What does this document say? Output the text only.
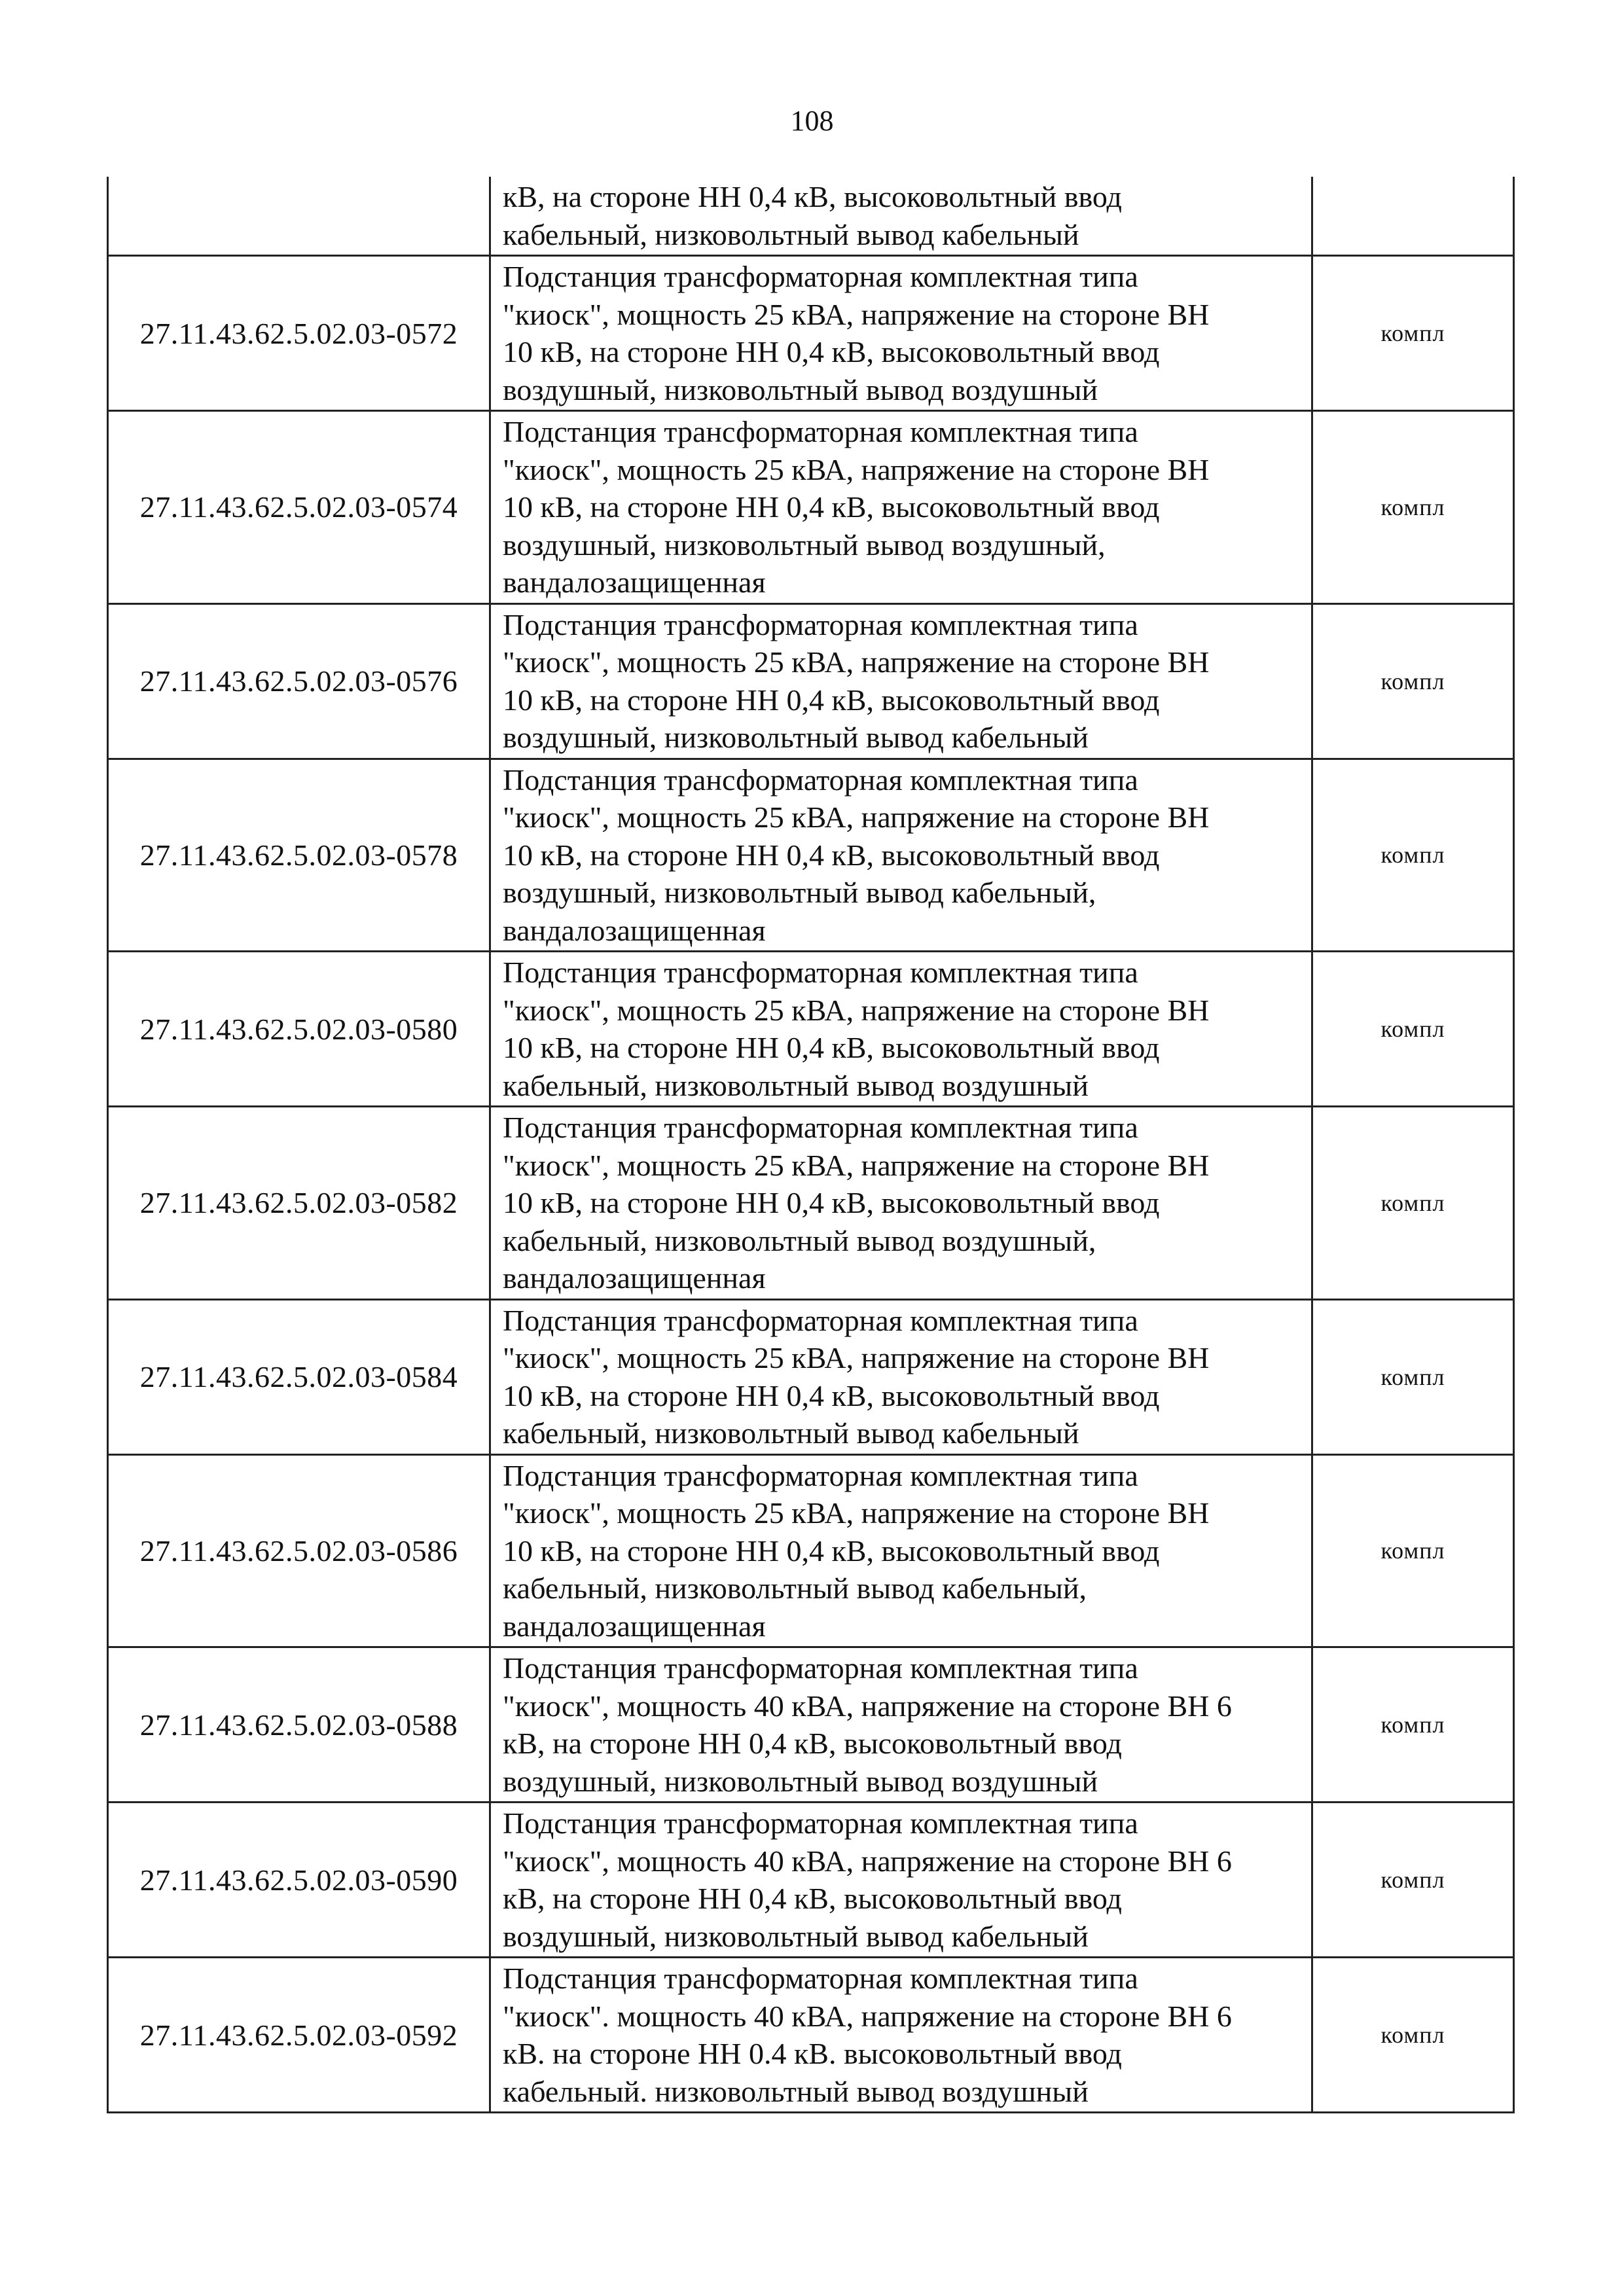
108

	кВ, на стороне НН 0,4 кВ, высоковольтный ввод
кабельный, низковольтный вывод кабельный	

27.11.43.62.5.02.03-0572	Подстанция трансформаторная комплектная типа
"киоск", мощность 25 кВА, напряжение на стороне ВН
10 кВ, на стороне НН 0,4 кВ, высоковольтный ввод
воздушный, низковольтный вывод воздушный	компл
27.11.43.62.5.02.03-0574	Подстанция трансформаторная комплектная типа
"киоск", мощность 25 кВА, напряжение на стороне ВН
10 кВ, на стороне НН 0,4 кВ, высоковольтный ввод
воздушный, низковольтный вывод воздушный,
вандалозащищенная	компл
27.11.43.62.5.02.03-0576	Подстанция трансформаторная комплектная типа
"киоск", мощность 25 кВА, напряжение на стороне ВН
10 кВ, на стороне НН 0,4 кВ, высоковольтный ввод
воздушный, низковольтный вывод кабельный	компл
27.11.43.62.5.02.03-0578	Подстанция трансформаторная комплектная типа
"киоск", мощность 25 кВА, напряжение на стороне ВН
10 кВ, на стороне НН 0,4 кВ, высоковольтный ввод
воздушный, низковольтный вывод кабельный,
вандалозащищенная	компл
27.11.43.62.5.02.03-0580	Подстанция трансформаторная комплектная типа
"киоск", мощность 25 кВА, напряжение на стороне ВН
10 кВ, на стороне НН 0,4 кВ, высоковольтный ввод
кабельный, низковольтный вывод воздушный	компл
27.11.43.62.5.02.03-0582	Подстанция трансформаторная комплектная типа
"киоск", мощность 25 кВА, напряжение на стороне ВН
10 кВ, на стороне НН 0,4 кВ, высоковольтный ввод
кабельный, низковольтный вывод воздушный,
вандалозащищенная	компл
27.11.43.62.5.02.03-0584	Подстанция трансформаторная комплектная типа
"киоск", мощность 25 кВА, напряжение на стороне ВН
10 кВ, на стороне НН 0,4 кВ, высоковольтный ввод
кабельный, низковольтный вывод кабельный	компл
27.11.43.62.5.02.03-0586	Подстанция трансформаторная комплектная типа
"киоск", мощность 25 кВА, напряжение на стороне ВН
10 кВ, на стороне НН 0,4 кВ, высоковольтный ввод
кабельный, низковольтный вывод кабельный,
вандалозащищенная	компл
27.11.43.62.5.02.03-0588	Подстанция трансформаторная комплектная типа
"киоск", мощность 40 кВА, напряжение на стороне ВН 6
кВ, на стороне НН 0,4 кВ, высоковольтный ввод
воздушный, низковольтный вывод воздушный	компл
27.11.43.62.5.02.03-0590	Подстанция трансформаторная комплектная типа
"киоск", мощность 40 кВА, напряжение на стороне ВН 6
кВ, на стороне НН 0,4 кВ, высоковольтный ввод
воздушный, низковольтный вывод кабельный	компл
27.11.43.62.5.02.03-0592	Подстанция трансформаторная комплектная типа
"киоск". мощность 40 кВА, напряжение на стороне ВН 6
кВ. на стороне НН 0.4 кВ. высоковольтный ввод
кабельный. низковольтный вывод воздушный	компл
